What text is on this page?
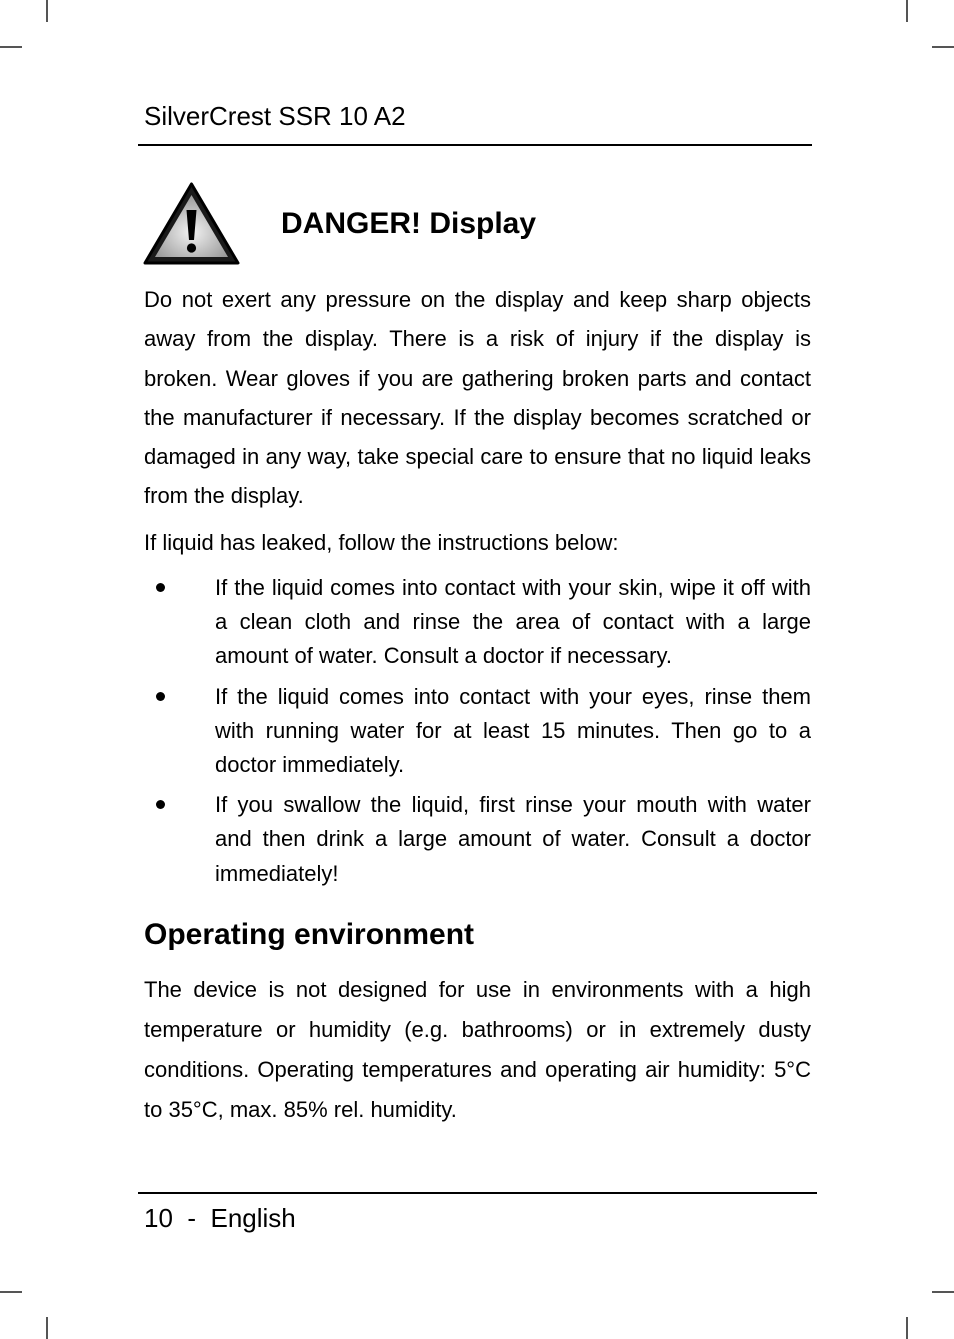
SilverCrest SSR 10 A2
DANGER! Display

Do not exert any pressure on the display and keep sharp objects away from the display. There is a risk of injury if the display is broken. Wear gloves if you are gathering broken parts and contact the manufacturer if necessary. If the display becomes scratched or damaged in any way, take special care to ensure that no liquid leaks from the display.

If liquid has leaked, follow the instructions below:

If the liquid comes into contact with your skin, wipe it off with a clean cloth and rinse the area of contact with a large amount of water. Consult a doctor if necessary.
If the liquid comes into contact with your eyes, rinse them with running water for at least 15 minutes. Then go to a doctor immediately.
If you swallow the liquid, first rinse your mouth with water and then drink a large amount of water. Consult a doctor immediately!
Operating environment

The device is not designed for use in environments with a high temperature or humidity (e.g. bathrooms) or in extremely dusty conditions. Operating temperatures and operating air humidity: 5°C to 35°C, max. 85% rel. humidity.

10  -  English
